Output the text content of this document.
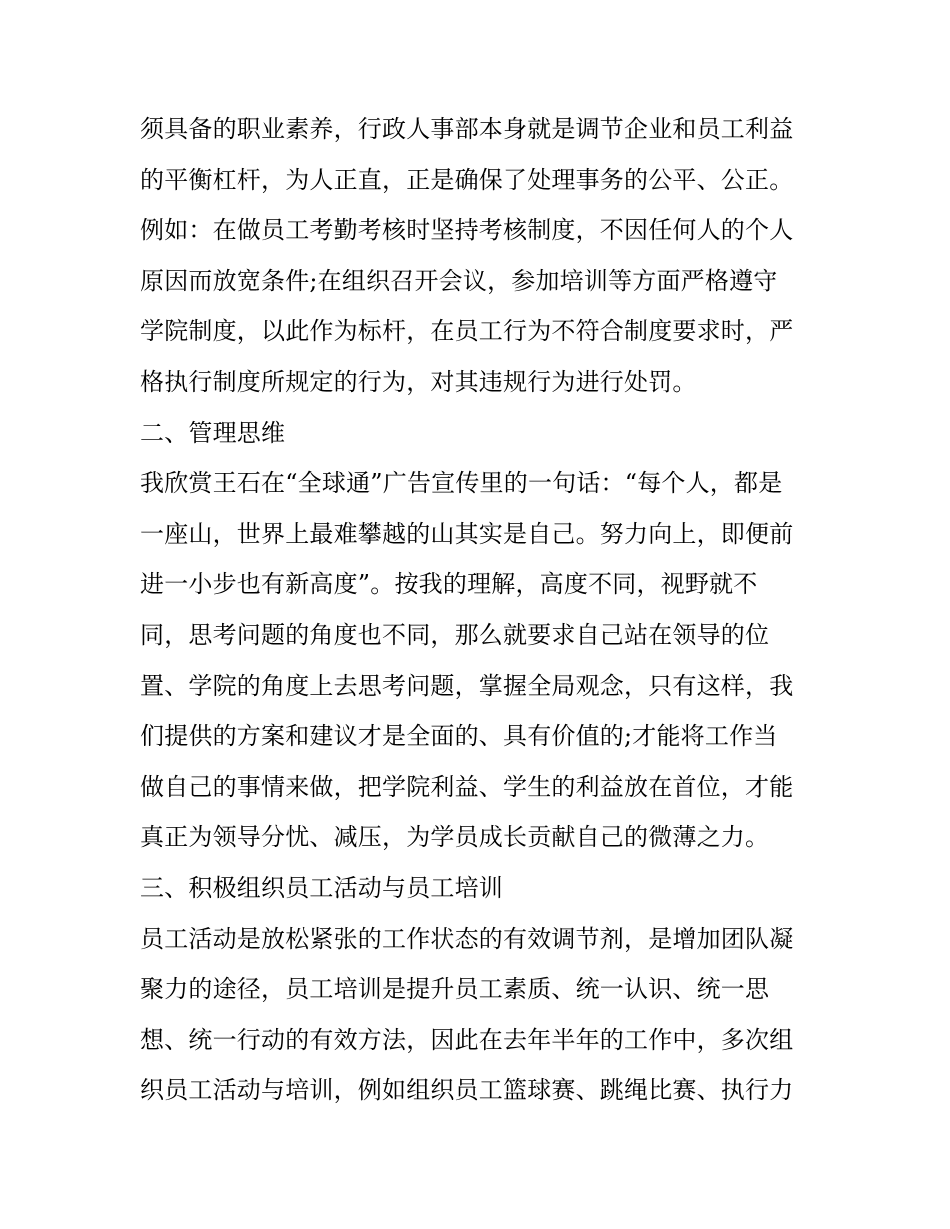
须具备的职业素养，行政人事部本身就是调节企业和员工利益
的平衡杠杆，为人正直，正是确保了处理事务的公平、公正。
例如：在做员工考勤考核时坚持考核制度，不因任何人的个人
原因而放宽条件;在组织召开会议，参加培训等方面严格遵守
学院制度，以此作为标杆，在员工行为不符合制度要求时，严
格执行制度所规定的行为，对其违规行为进行处罚。
二、管理思维
我欣赏王石在“全球通”广告宣传里的一句话：“每个人，都是
一座山，世界上最难攀越的山其实是自己。努力向上，即便前
进一小步也有新高度”。按我的理解，高度不同，视野就不
同，思考问题的角度也不同，那么就要求自己站在领导的位
置、学院的角度上去思考问题，掌握全局观念，只有这样，我
们提供的方案和建议才是全面的、具有价值的;才能将工作当
做自己的事情来做，把学院利益、学生的利益放在首位，才能
真正为领导分忧、减压，为学员成长贡献自己的微薄之力。
三、积极组织员工活动与员工培训
员工活动是放松紧张的工作状态的有效调节剂，是增加团队凝
聚力的途径，员工培训是提升员工素质、统一认识、统一思
想、统一行动的有效方法，因此在去年半年的工作中，多次组
织员工活动与培训，例如组织员工篮球赛、跳绳比赛、执行力
